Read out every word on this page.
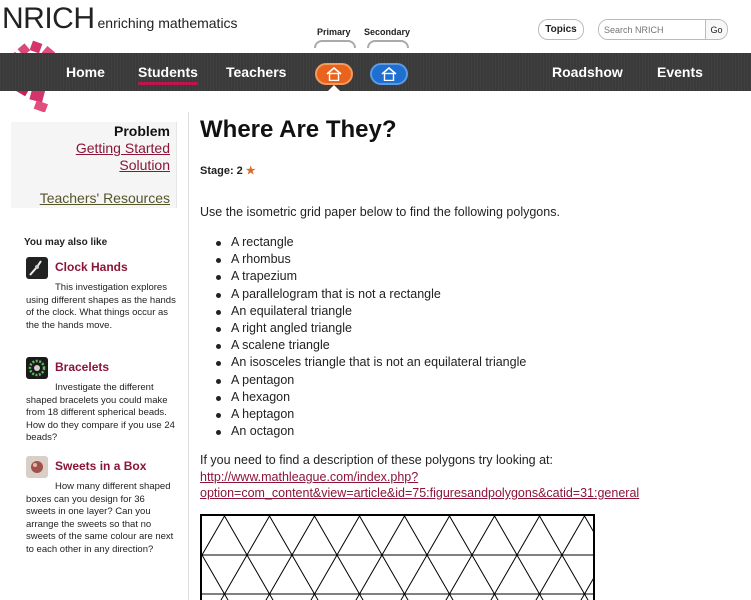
NRICH enriching mathematics	Topics
Search NRICH	Go
Primary Secondary
Home Students Teachers	Roadshow Events
Problem
Getting Started
Solution
Teachers' Resources
You may also like
Clock Hands
This investigation explores using different shapes as the hands of the clock. What things occur as the the hands move.
Bracelets
Investigate the different shaped bracelets you could make from 18 different spherical beads. How do they compare if you use 24 beads?
Sweets in a Box
How many different shaped boxes can you design for 36 sweets in one layer? Can you arrange the sweets so that no sweets of the same colour are next to each other in any direction?
Where Are They?
Stage: 2 ★
Use the isometric grid paper below to find the following polygons.
A rectangle
A rhombus
A trapezium
A parallelogram that is not a rectangle
An equilateral triangle
A right angled triangle
A scalene triangle
An isosceles triangle that is not an equilateral triangle
A pentagon
A hexagon
A heptagon
An octagon
If you need to find a description of these polygons try looking at:
http://www.mathleague.com/index.php?
option=com_content&view=article&id=75:figuresandpolygons&catid=31:general
